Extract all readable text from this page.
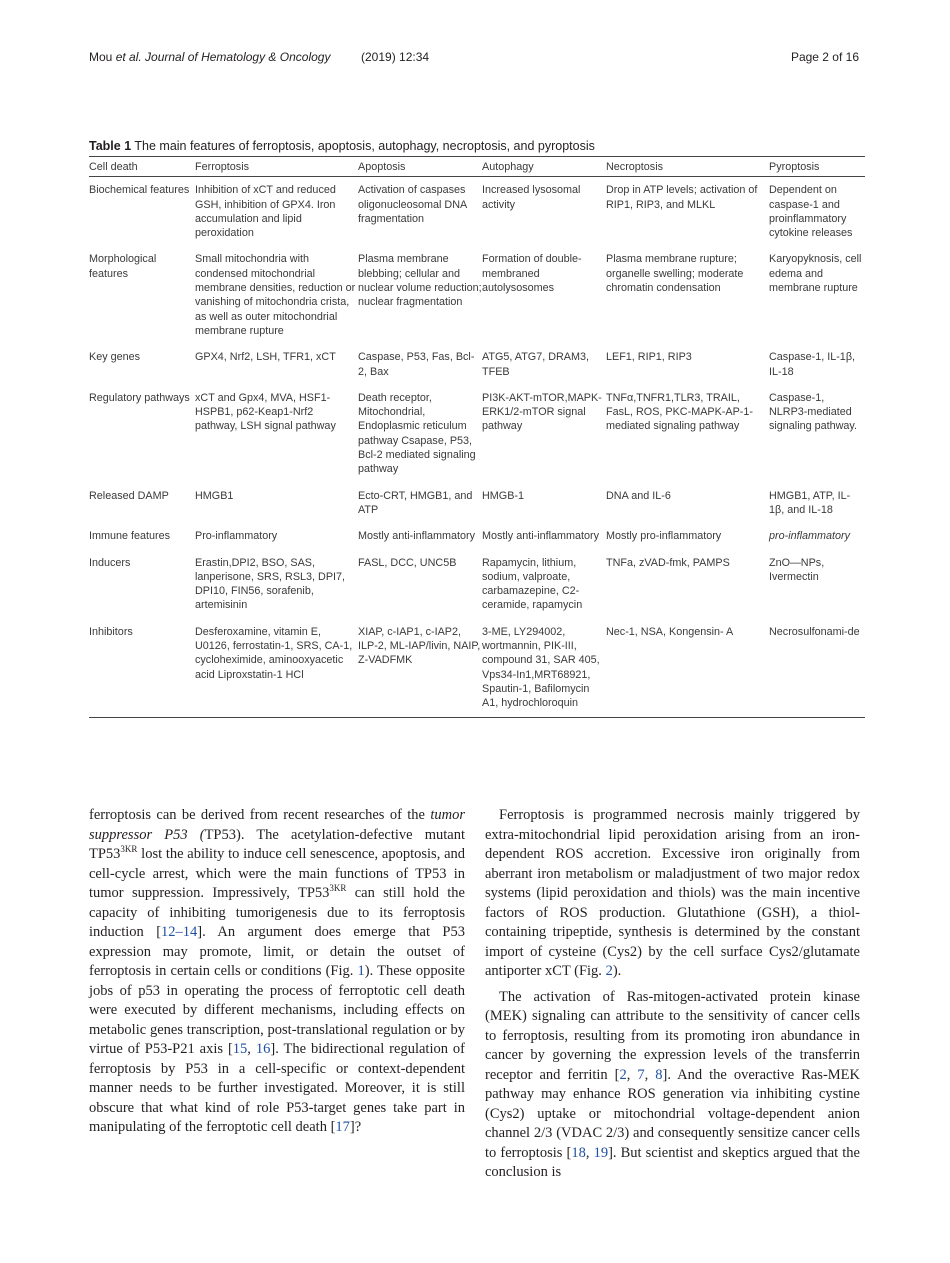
Mou et al. Journal of Hematology & Oncology	(2019) 12:34	Page 2 of 16
Table 1 The main features of ferroptosis, apoptosis, autophagy, necroptosis, and pyroptosis
Cell death	Ferroptosis	Apoptosis	Autophagy	Necroptosis	Pyroptosis
Biochemical features	Inhibition of xCT and reduced GSH, inhibition of GPX4. Iron accumulation and lipid peroxidation	Activation of caspases oligonucleosomal DNA fragmentation	Increased lysosomal activity	Drop in ATP levels; activation of RIP1, RIP3, and MLKL	Dependent on caspase-1 and proinflammatory cytokine releases
Morphological features	Small mitochondria with condensed mitochondrial membrane densities, reduction or vanishing of mitochondria crista, as well as outer mitochondrial membrane rupture	Plasma membrane blebbing; cellular and nuclear volume reduction; nuclear fragmentation	Formation of double-membraned autolysosomes	Plasma membrane rupture; organelle swelling; moderate chromatin condensation	Karyopyknosis, cell edema and membrane rupture
Key genes	GPX4, Nrf2, LSH, TFR1, xCT	Caspase, P53, Fas, Bcl-2, Bax	ATG5, ATG7, DRAM3, TFEB	LEF1, RIP1, RIP3	Caspase-1, IL-1β, IL-18
Regulatory pathways	xCT and Gpx4, MVA, HSF1-HSPB1, p62-Keap1-Nrf2 pathway, LSH signal pathway	Death receptor, Mitochondrial, Endoplasmic reticulum pathway Csapase, P53, Bcl-2 mediated signaling pathway	PI3K-AKT-mTOR,MAPK-ERK1/2-mTOR signal pathway	TNFα,TNFR1,TLR3, TRAIL, FasL, ROS, PKC-MAPK-AP-1-mediated signaling pathway	Caspase-1, NLRP3-mediated signaling pathway.
Released DAMP	HMGB1	Ecto-CRT, HMGB1, and ATP	HMGB-1	DNA and IL-6	HMGB1, ATP, IL-1β, and IL-18
Immune features	Pro-inflammatory	Mostly anti-inflammatory	Mostly anti-inflammatory	Mostly pro-inflammatory	pro-inflammatory
Inducers	Erastin,DPI2, BSO, SAS, lanperisone, SRS, RSL3, DPI7, DPI10, FIN56, sorafenib, artemisinin	FASL, DCC, UNC5B	Rapamycin, lithium, sodium, valproate, carbamazepine, C2-ceramide, rapamycin	TNFa, zVAD-fmk, PAMPS	ZnO—NPs, Ivermectin
Inhibitors	Desferoxamine, vitamin E, U0126, ferrostatin-1, SRS, CA-1, cycloheximide, aminooxyacetic acid Liproxstatin-1 HCl	XIAP, c-IAP1, c-IAP2, ILP-2, ML-IAP/livin, NAIP, Z-VADFMK	3-ME, LY294002, wortmannin, PIK-III, compound 31, SAR 405, Vps34-In1,MRT68921, Spautin-1, Bafilomycin A1, hydrochloroquin	Nec-1, NSA, Kongensin- A	Necrosulfonami-de

ferroptosis can be derived from recent researches of the tumor suppressor P53 (TP53). The acetylation-defective mutant $TP53^{3KR}$ lost the ability to induce cell senescence, apoptosis, and cell-cycle arrest, which were the main functions of TP53 in tumor suppression. Impressively, $TP53^{3KR}$ can still hold the capacity of inhibiting tumorigenesis due to its ferroptosis induction [12–14]. An argument does emerge that P53 expression may promote, limit, or detain the outset of ferroptosis in certain cells or conditions (Fig. 1). These opposite jobs of p53 in operating the process of ferroptotic cell death were executed by different mechanisms, including effects on metabolic genes transcription, post-translational regulation or by virtue of P53-P21 axis [15, 16]. The bidirectional regulation of ferroptosis by P53 in a cell-specific or context-dependent manner needs to be further investigated. Moreover, it is still obscure that what kind of role P53-target genes take part in manipulating of the ferroptotic cell death [17]?

Ferroptosis is programmed necrosis mainly triggered by extra-mitochondrial lipid peroxidation arising from an iron-dependent ROS accretion. Excessive iron originally from aberrant iron metabolism or maladjustment of two major redox systems (lipid peroxidation and thiols) was the main incentive factors of ROS production. Glutathione (GSH), a thiol-containing tripeptide, synthesis is determined by the constant import of cysteine (Cys2) by the cell surface Cys2/glutamate antiporter xCT (Fig. 2).

The activation of Ras-mitogen-activated protein kinase (MEK) signaling can attribute to the sensitivity of cancer cells to ferroptosis, resulting from its promoting iron abundance in cancer by governing the expression levels of the transferrin receptor and ferritin [2, 7, 8]. And the overactive Ras-MEK pathway may enhance ROS generation via inhibiting cystine (Cys2) uptake or mitochondrial voltage-dependent anion channel 2/3 (VDAC 2/3) and consequently sensitize cancer cells to ferroptosis [18, 19]. But scientist and skeptics argued that the conclusion is
